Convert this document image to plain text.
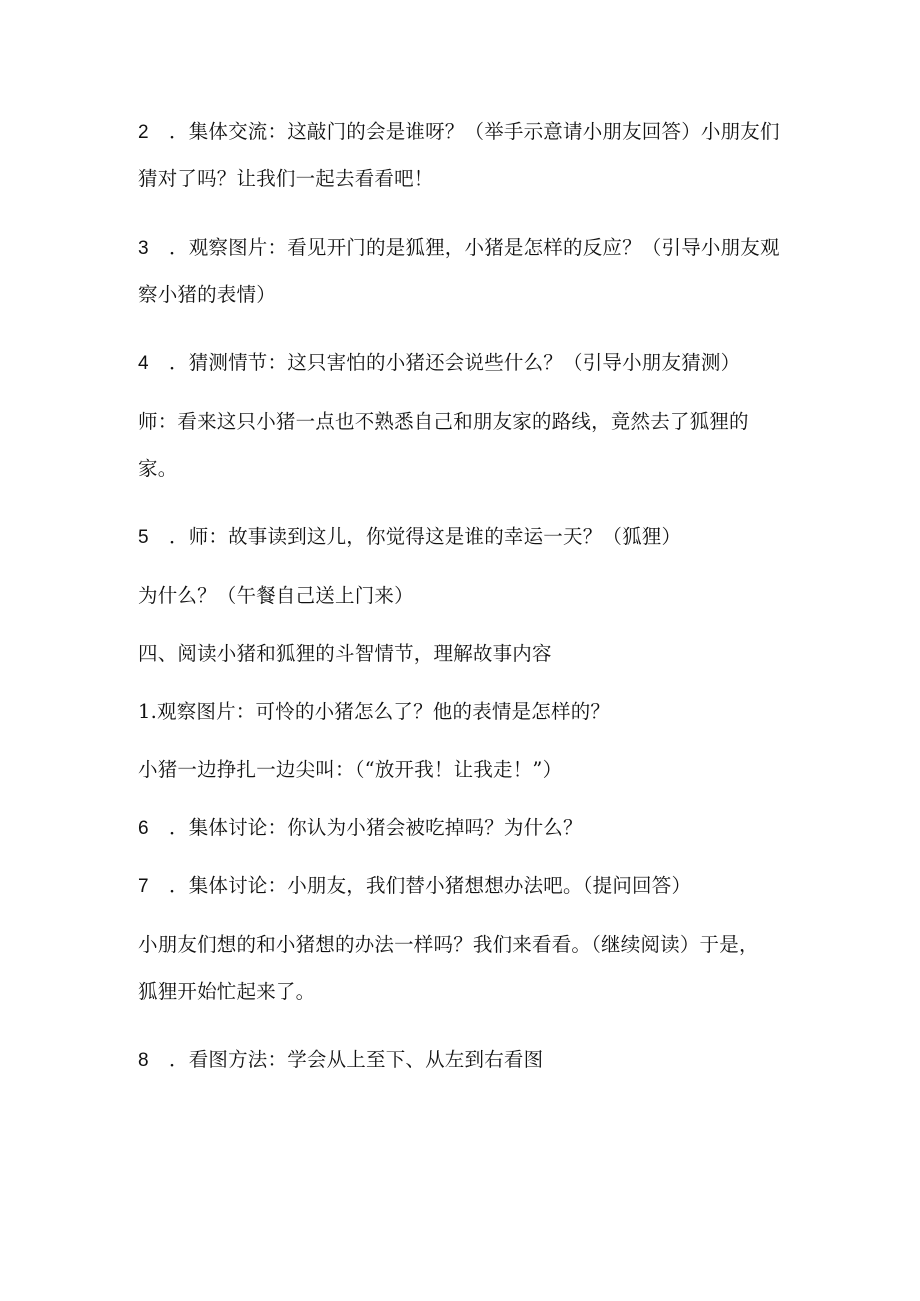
2 ．集体交流：这敲门的会是谁呀？（举手示意请小朋友回答）小朋友们
猜对了吗？让我们一起去看看吧！
3 ．观察图片：看见开门的是狐狸，小猪是怎样的反应？（引导小朋友观
察小猪的表情）
4 ．猜测情节：这只害怕的小猪还会说些什么？（引导小朋友猜测）
师：看来这只小猪一点也不熟悉自己和朋友家的路线，竟然去了狐狸的
家。
5 ．师：故事读到这儿，你觉得这是谁的幸运一天？（狐狸）
为什么？（午餐自己送上门来）
四、阅读小猪和狐狸的斗智情节，理解故事内容
1.观察图片：可怜的小猪怎么了？他的表情是怎样的？
小猪一边挣扎一边尖叫：（“放开我！让我走！”）
6 ．集体讨论：你认为小猪会被吃掉吗？为什么？
7 ．集体讨论：小朋友，我们替小猪想想办法吧。（提问回答）
小朋友们想的和小猪想的办法一样吗？我们来看看。（继续阅读）于是，
狐狸开始忙起来了。
8 ．看图方法：学会从上至下、从左到右看图
